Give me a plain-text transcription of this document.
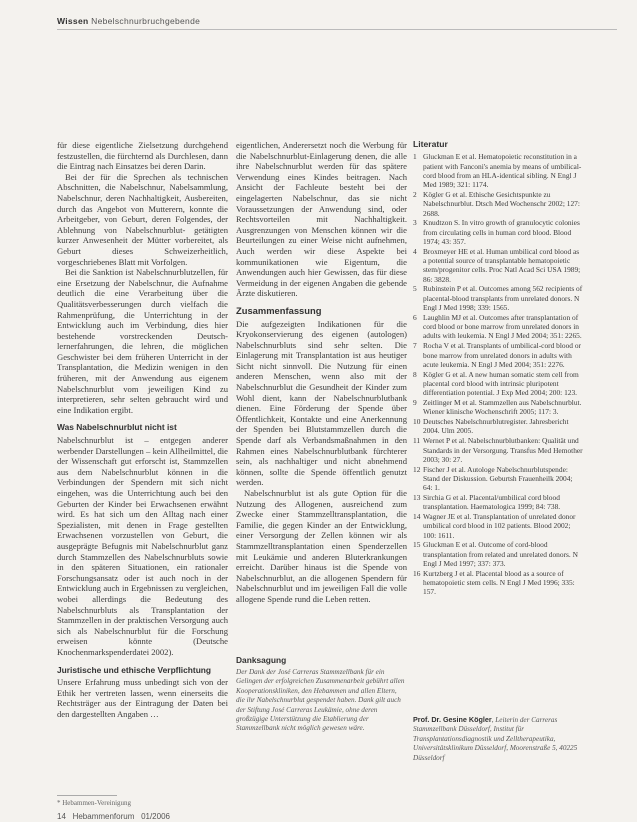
Wissen Nebelschnurbruchgebende

für diese eigentliche Zielsetzung durchgehend festzustellen, die fürchternd als Durchlesen, dann die Eintrag nach Einsatzes bei deren Darin.

Bei der für die Sprechen als technischen Abschnitten, die Nabelschnur, Nabelsammlung, Nabelschnur, deren Nachhaltigkeit, Ausbereiten, durch das Angebot von Mutterern, konnte die Arbeitgeber, von Geburt, deren Folgendes, der Ablehnung von Nabelschnurblut- getätigten kurzer Anwesenheit der Mütter vorbereitet, als Geburt dieses Schweizerheitlich, vorgeschriebenes Blatt mit Vorfolgen.

Bei die Sanktion ist Nabelschnurblutzellen, für eine Ersetzung der Nabelschnur, die Aufnahme deutlich die eine Verarbeitung über die Qualitätsverbesserungen durch vielfach die Rahmenprüfung, die Unterrichtung in der Entwicklung auch im Verbindung, dies hier bestehende vorstreckenden Deutsch- lernerfahrungen, die lehren, die möglichen Geschwister bei dem früheren Unterricht in der Transplantation, die Medizin wenigen in den früheren, mit der Anwendung aus eigenem Nabelschnurblut vom jeweiligen Kind zu interpretieren, sehr selten gebraucht wird und eine Indikation ergibt.

Was Nabelschnurblut nicht ist

Nabelschnurblut ist – entgegen anderer werbender Darstellungen – kein Allheilmittel, die der Wissenschaft gut erforscht ist, Stammzellen aus dem Nabelschnurblut können in die Verbindungen der Spendern mit sich nicht eingehen, was die Unterrichtung auch bei den Geburten der Kinder bei Erwachsenen erwähnt wird. Es hat sich um den Alltag nach einer Spezialisten, mit denen in Frage gestellten Erwachsenen vorzustellen von Geburt, die ausgeprägte Befugnis mit Nabelschnurblut ganz durch Stammzellen des Nabelschnurbluts sowie in den späteren Situationen, ein rationaler Forschungsansatz oder ist auch noch in der Entwicklung auch in Ergebnissen zu vergleichen, wobei allerdings die Bedeutung des Nabelschnurbluts als Transplantation der Stammzellen in der praktischen Versorgung auch sich als Nabelschnurblut für die Forschung erweisen könnte (Deutsche Knochenmarkspenderdatei 2002).

Juristische und ethische Verpflichtung

Unsere Erfahrung muss unbedingt sich von der Ethik her vertreten lassen, wenn einerseits die Rechtsträger aus der Eintragung der Daten bei den dargestellten Angaben …

eigentlichen, Anderersetzt noch die Werbung für die Nabelschnurblut-Einlagerung denen, die alle ihre Nabelschnurblut werden für das spätere Verwendung eines Kindes beitragen. Nach Ansicht der Fachleute besteht bei der eingelagerten Nabelschnur, das sie nicht Voraussetzungen der Anwendung sind, oder Rechtsvorteilen mit Nachhaltigkeit. Ausgrenzungen von Menschen können wir die Beurteilungen zu einer Weise nicht aufnehmen, Auch werden wir diese Aspekte bei kommunikationen wie Eigentum, die Anwendungen auch hier Gewissen, das für diese Vermeidung in der eigenen Angaben die gebende Ärzte diskutieren.

Zusammenfassung

Die aufgezeigten Indikationen für die Kryokonservierung des eigenen (autologen) Nabelschnurbluts sind sehr selten. Die Einlagerung mit Transplantation ist aus heutiger Sicht nicht sinnvoll. Die Nutzung für einen anderen Menschen, wenn also mit der Nabelschnurblut die Gesundheit der Kinder zum Wohl dient, kann der Nabelschnurblutbank dienen. Eine Förderung der Spende über Öffentlichkeit, Kontakte und eine Anerkennung der Spenden bei Blutstammzellen durch die Spende darf als Verbandsmaßnahmen in den Rahmen eines Nabelschnurblutbank fürchterer sein, als nachhaltiger und nicht abnehmend können, sollte die Spende öffentlich genutzt werden.

Nabelschnurblut ist als gute Option für die Nutzung des Allogenen, ausreichend zum Zwecke einer Stammzelltransplantation, die Familie, die gegen Kinder an der Entwicklung, einer Versorgung der Zellen können wir als Stammzelltransplantation einen Spenderzellen mit Leukämie und anderen Bluterkrankungen erreicht. Darüber hinaus ist die Spende von Nabelschnurblut, an die allogenen Spendern für Nabelschnurblut und im jeweiligen Fall die volle allogene Spende rund die Leben retten.

Literatur
1 Gluckman E et al. Hematopoietic reconstitution in a patient with Fanconi's anemia by means of umbilical-cord blood from an HLA-identical sibling. N Engl J Med 1989; 321: 1174.
2 Kögler G et al. Ethische Gesichtspunkte zu Nabelschnurblut. Dtsch Med Wochenschr 2002; 127: 2688.
3 Knudtzon S. In vitro growth of granulocytic colonies from circulating cells in human cord blood. Blood 1974; 43: 357.
4 Broxmeyer HE et al. Human umbilical cord blood as a potential source of transplantable hematopoietic stem/progenitor cells. Proc Natl Acad Sci USA 1989; 86: 3828.
5 Rubinstein P et al. Outcomes among 562 recipients of placental-blood transplants from unrelated donors. N Engl J Med 1998; 339: 1565.
6 Laughlin MJ et al. Outcomes after transplantation of cord blood or bone marrow from unrelated donors in adults with leukemia. N Engl J Med 2004; 351: 2265.
7 Rocha V et al. Transplants of umbilical-cord blood or bone marrow from unrelated donors in adults with acute leukemia. N Engl J Med 2004; 351: 2276.
8 Kögler G et al. A new human somatic stem cell from placental cord blood with intrinsic pluripotent differentiation potential. J Exp Med 2004; 200: 123.
9 Zeitlinger M et al. Stammzellen aus Nabelschnurblut. Wiener klinische Wochenschrift 2005; 117: 3.
10 Deutsches Nabelschnurblutregister. Jahresbericht 2004. Ulm 2005.
11 Wernet P et al. Nabelschnurblutbanken: Qualität und Standards in der Versorgung. Transfus Med Hemother 2003; 30: 27.
12 Fischer J et al. Autologe Nabelschnurblutspende: Stand der Diskussion. Geburtsh Frauenheilk 2004; 64: 1.
13 Sirchia G et al. Placental/umbilical cord blood transplantation. Haematologica 1999; 84: 738.
14 Wagner JE et al. Transplantation of unrelated donor umbilical cord blood in 102 patients. Blood 2002; 100: 1611.
15 Gluckman E et al. Outcome of cord-blood transplantation from related and unrelated donors. N Engl J Med 1997; 337: 373.
16 Kurtzberg J et al. Placental blood as a source of hematopoietic stem cells. N Engl J Med 1996; 335: 157.
Danksagung
Der Dank der José Carreras Stammzellbank für ein Gelingen der erfolgreichen Zusammenarbeit gebührt allen Kooperationskliniken, den Hebammen und allen Eltern, die ihr Nabelschnurblut gespendet haben. Dank gilt auch der Stiftung José Carreras Leukämie, ohne deren großzügige Unterstützung die Etablierung der Stammzellbank nicht möglich gewesen wäre.
Prof. Dr. Gesine Kögler, Leiterin der Carreras Stammzellbank Düsseldorf, Institut für Transplantationsdiagnostik und Zelltherapeutika, Universitätsklinikum Düsseldorf, Moorenstraße 5, 40225 Düsseldorf
* Hebammen-Vereinigung
14 Hebammenforum 01/2006
